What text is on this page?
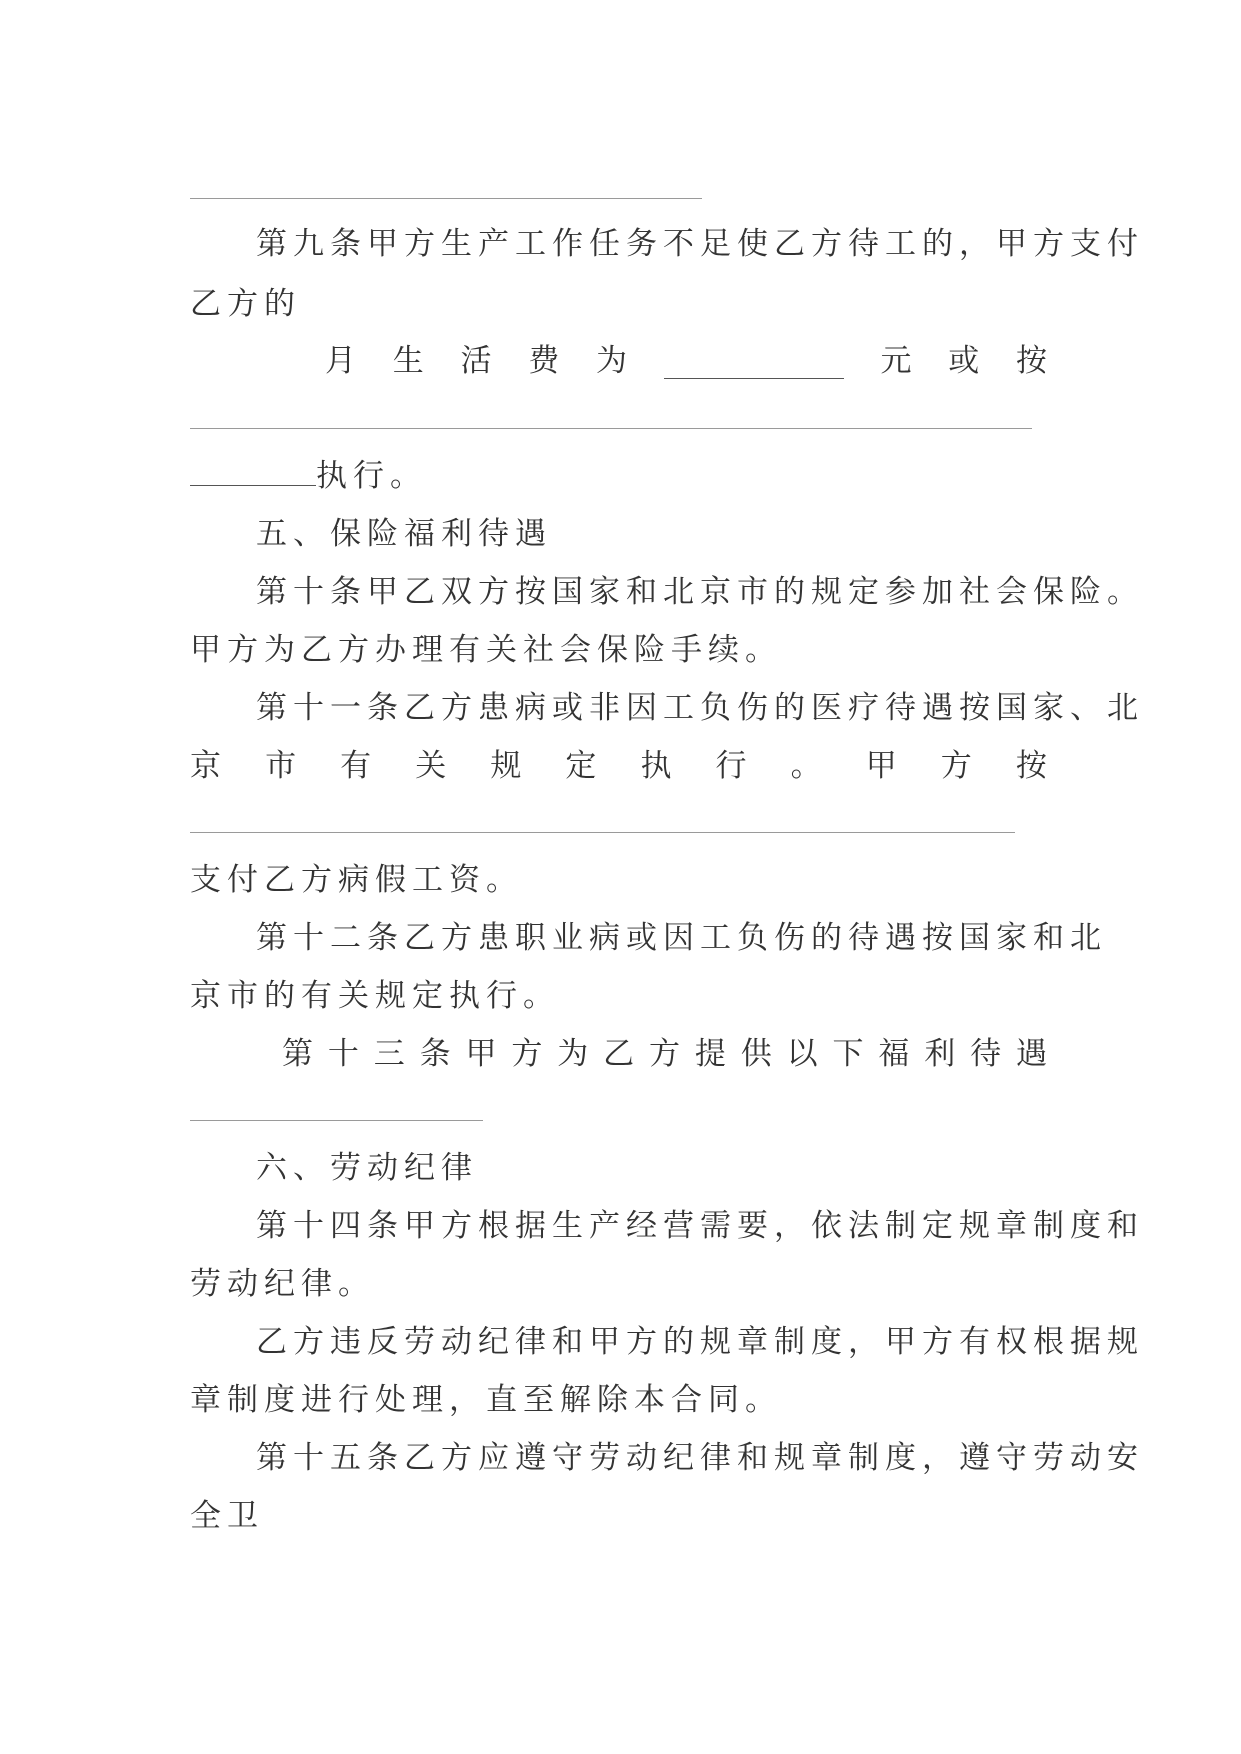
第九条甲方生产工作任务不足使乙方待工的，甲方支付
乙方的
月 生 活 费 为	元 或 按
执行。
五、保险福利待遇
第十条甲乙双方按国家和北京市的规定参加社会保险。
甲方为乙方办理有关社会保险手续。
第十一条乙方患病或非因工负伤的医疗待遇按国家、北
京 市 有 关 规 定 执 行 。 甲 方 按
支付乙方病假工资。
第十二条乙方患职业病或因工负伤的待遇按国家和北
京市的有关规定执行。
第 十 三 条 甲 方 为 乙 方 提 供 以 下 福 利 待 遇
六、劳动纪律
第十四条甲方根据生产经营需要，依法制定规章制度和
劳动纪律。
乙方违反劳动纪律和甲方的规章制度，甲方有权根据规
章制度进行处理，直至解除本合同。
第十五条乙方应遵守劳动纪律和规章制度，遵守劳动安
全卫
